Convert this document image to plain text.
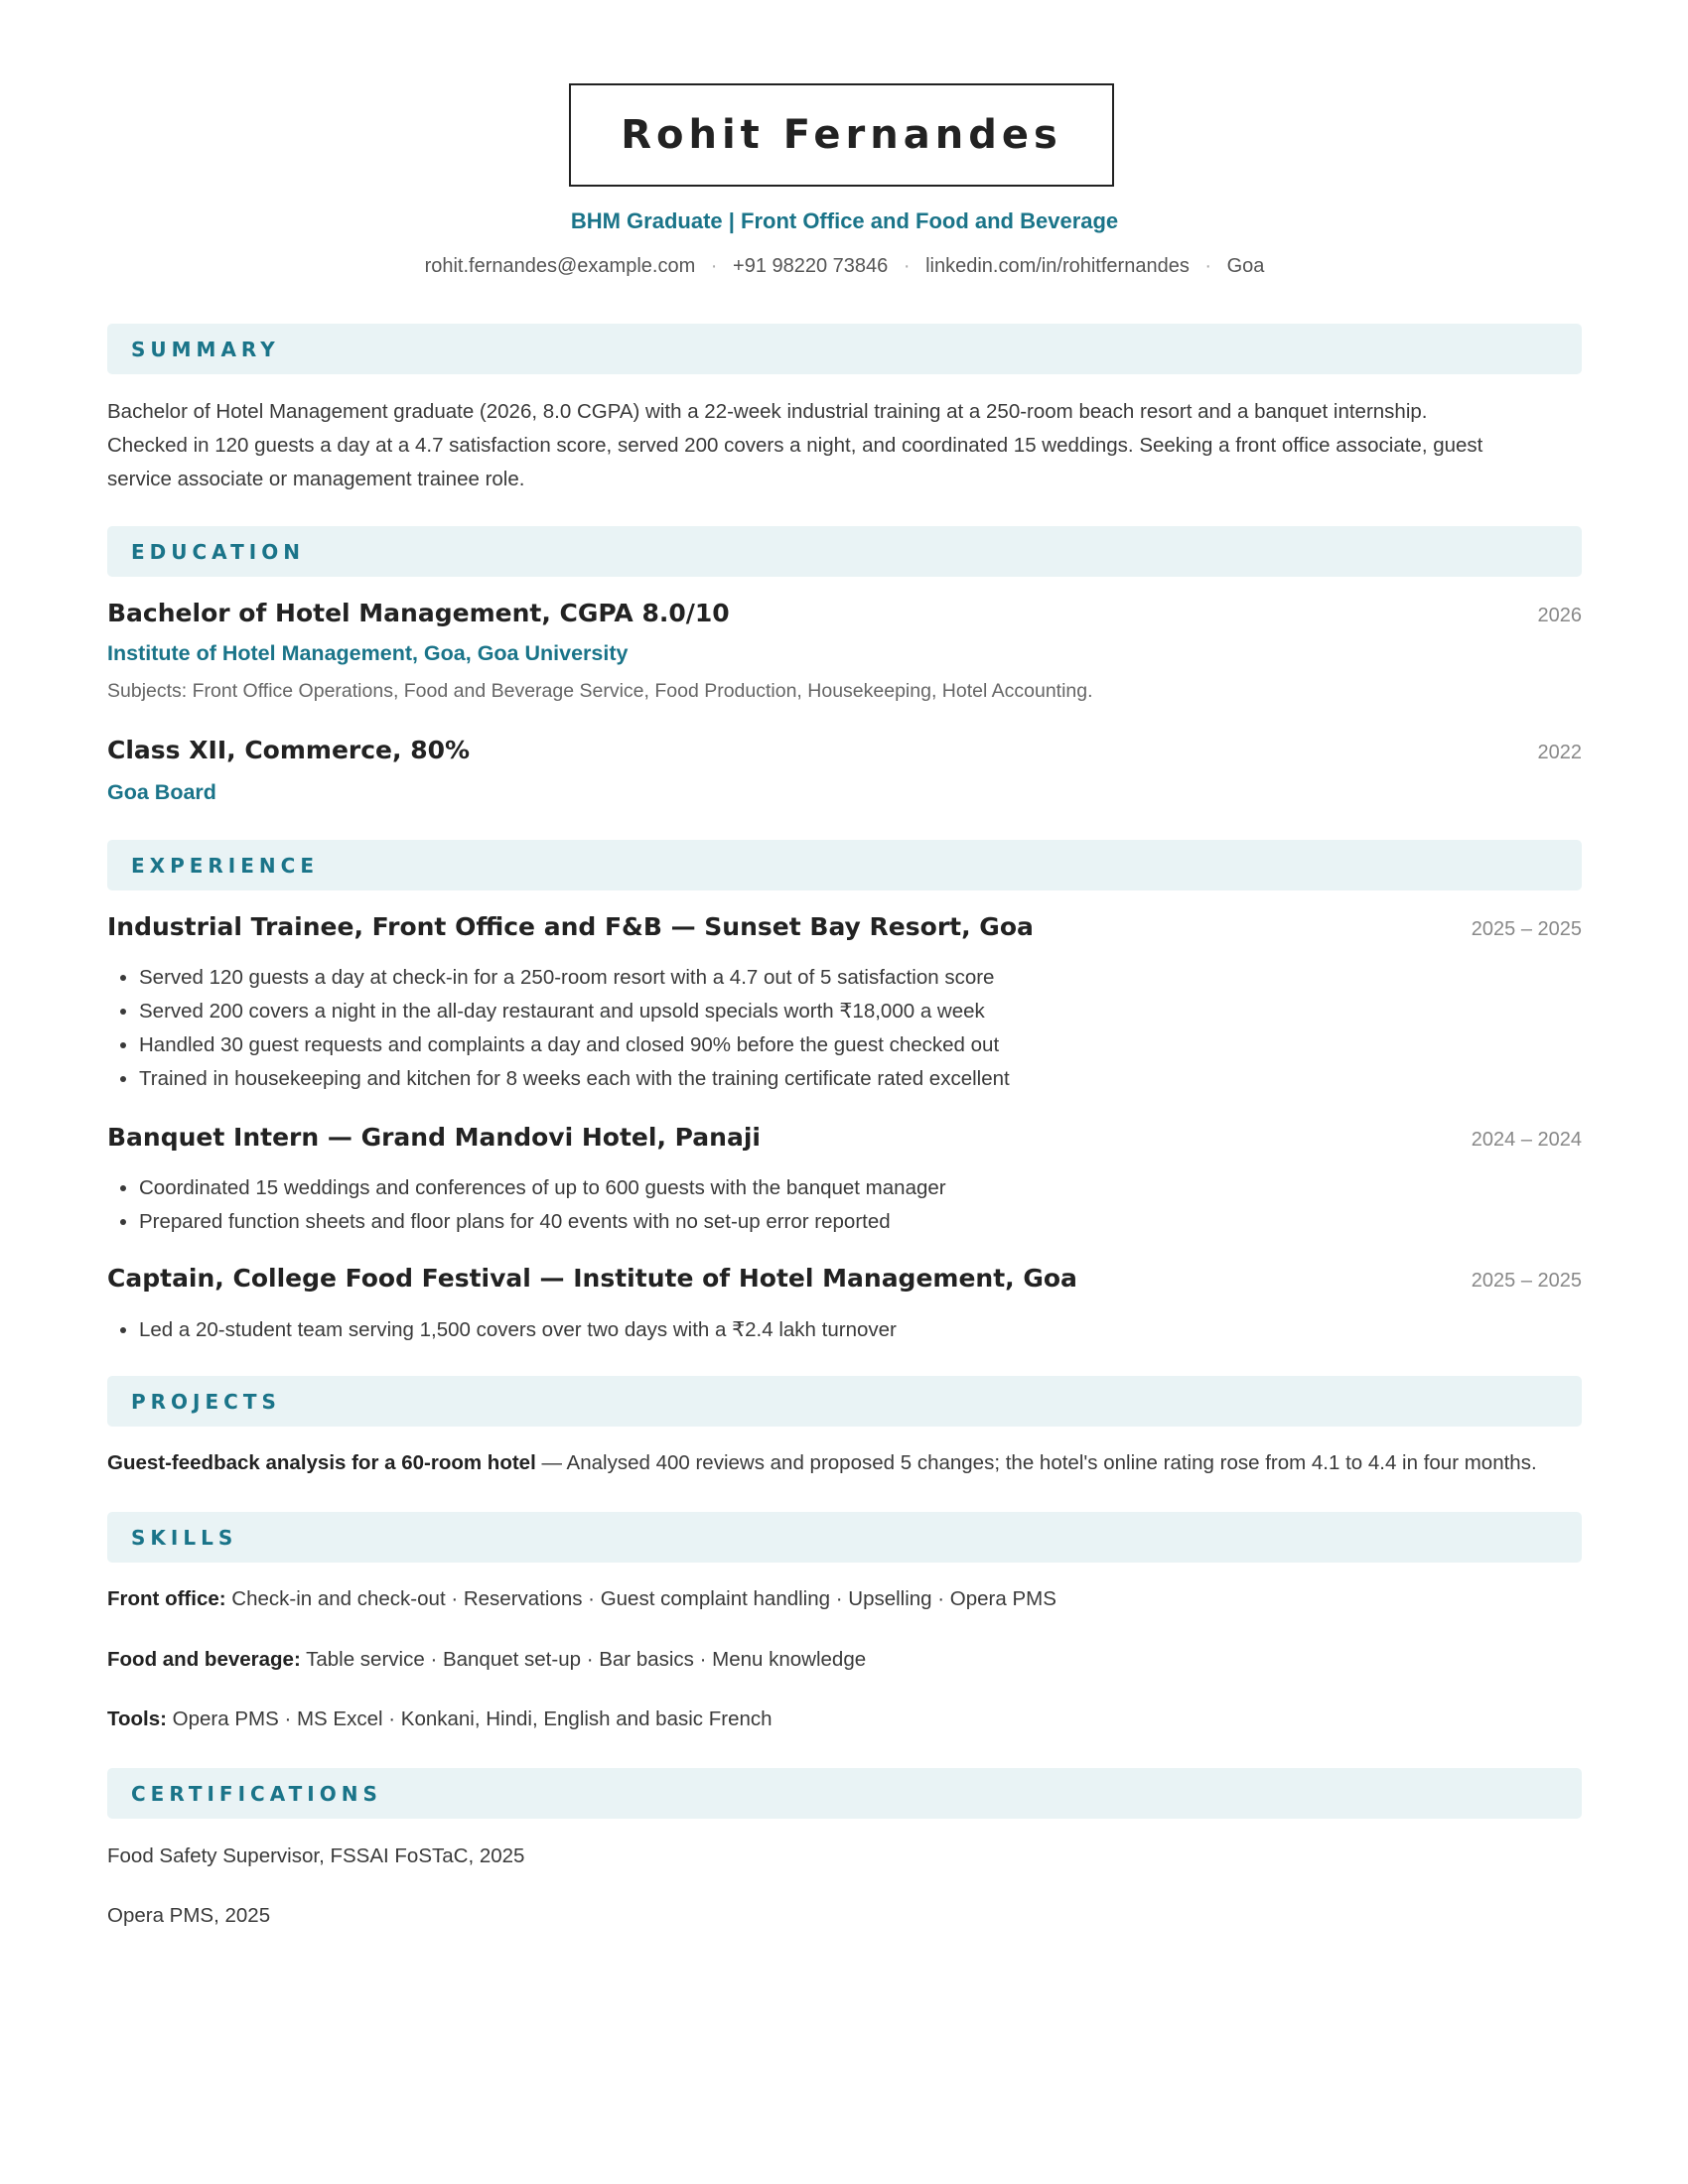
Rohit Fernandes
BHM Graduate | Front Office and Food and Beverage
rohit.fernandes@example.com · +91 98220 73846 · linkedin.com/in/rohitfernandes · Goa
SUMMARY
Bachelor of Hotel Management graduate (2026, 8.0 CGPA) with a 22-week industrial training at a 250-room beach resort and a banquet internship.
Checked in 120 guests a day at a 4.7 satisfaction score, served 200 covers a night, and coordinated 15 weddings. Seeking a front office associate, guest
service associate or management trainee role.
EDUCATION
Bachelor of Hotel Management, CGPA 8.0/10	2026
Institute of Hotel Management, Goa, Goa University
Subjects: Front Office Operations, Food and Beverage Service, Food Production, Housekeeping, Hotel Accounting.
Class XII, Commerce, 80%	2022
Goa Board
EXPERIENCE
Industrial Trainee, Front Office and F&B — Sunset Bay Resort, Goa	2025 – 2025
• Served 120 guests a day at check-in for a 250-room resort with a 4.7 out of 5 satisfaction score
• Served 200 covers a night in the all-day restaurant and upsold specials worth ₹18,000 a week
• Handled 30 guest requests and complaints a day and closed 90% before the guest checked out
• Trained in housekeeping and kitchen for 8 weeks each with the training certificate rated excellent
Banquet Intern — Grand Mandovi Hotel, Panaji	2024 – 2024
• Coordinated 15 weddings and conferences of up to 600 guests with the banquet manager
• Prepared function sheets and floor plans for 40 events with no set-up error reported
Captain, College Food Festival — Institute of Hotel Management, Goa	2025 – 2025
• Led a 20-student team serving 1,500 covers over two days with a ₹2.4 lakh turnover
PROJECTS
Guest-feedback analysis for a 60-room hotel — Analysed 400 reviews and proposed 5 changes; the hotel's online rating rose from 4.1 to 4.4 in four months.
SKILLS
Front office: Check-in and check-out · Reservations · Guest complaint handling · Upselling · Opera PMS
Food and beverage: Table service · Banquet set-up · Bar basics · Menu knowledge
Tools: Opera PMS · MS Excel · Konkani, Hindi, English and basic French
CERTIFICATIONS
Food Safety Supervisor, FSSAI FoSTaC, 2025
Opera PMS, 2025
